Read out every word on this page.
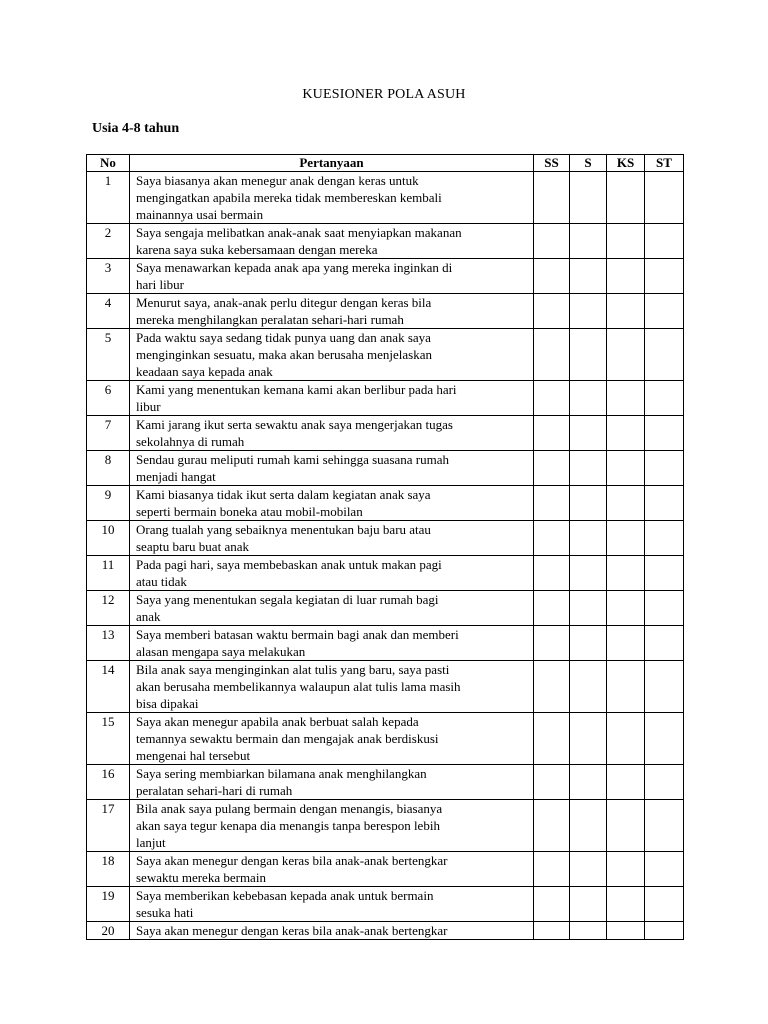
KUESIONER POLA ASUH
Usia 4-8 tahun
No	Pertanyaan	SS	S	KS	ST
1	Saya biasanya akan menegur anak dengan keras untuk
mengingatkan apabila mereka tidak membereskan kembali
mainannya usai bermain				

2	Saya sengaja melibatkan anak-anak saat menyiapkan makanan
karena saya suka kebersamaan dengan mereka				

3	Saya menawarkan kepada anak apa yang mereka inginkan di
hari libur				

4	Menurut saya, anak-anak perlu ditegur dengan keras bila
mereka menghilangkan peralatan sehari-hari rumah				

5	Pada waktu saya sedang tidak punya uang dan anak saya
menginginkan sesuatu, maka akan berusaha menjelaskan
keadaan saya kepada anak				

6	Kami yang menentukan kemana kami akan berlibur pada hari
libur				

7	Kami jarang ikut serta sewaktu anak saya mengerjakan tugas
sekolahnya di rumah				

8	Sendau gurau meliputi rumah kami sehingga suasana rumah
menjadi hangat				

9	Kami biasanya tidak ikut serta dalam kegiatan anak saya
seperti bermain boneka atau mobil-mobilan				

10	Orang tualah yang sebaiknya menentukan baju baru atau
seaptu baru buat anak				

11	Pada pagi hari, saya membebaskan anak untuk makan pagi
atau tidak				

12	Saya yang menentukan segala kegiatan di luar rumah bagi
anak				

13	Saya memberi batasan waktu bermain bagi anak dan memberi
alasan mengapa saya melakukan				

14	Bila anak saya menginginkan alat tulis yang baru, saya pasti
akan berusaha membelikannya walaupun alat tulis lama masih
bisa dipakai				

15	Saya akan menegur apabila anak berbuat salah kepada
temannya sewaktu bermain dan mengajak anak berdiskusi
mengenai hal tersebut				

16	Saya sering membiarkan bilamana anak menghilangkan
peralatan sehari-hari di rumah				

17	Bila anak saya pulang bermain dengan menangis, biasanya
akan saya tegur kenapa dia menangis tanpa berespon lebih
lanjut				

18	Saya akan menegur dengan keras bila anak-anak bertengkar
sewaktu mereka bermain				

19	Saya memberikan kebebasan kepada anak untuk bermain
sesuka hati				

20	Saya akan menegur dengan keras bila anak-anak bertengkar				
